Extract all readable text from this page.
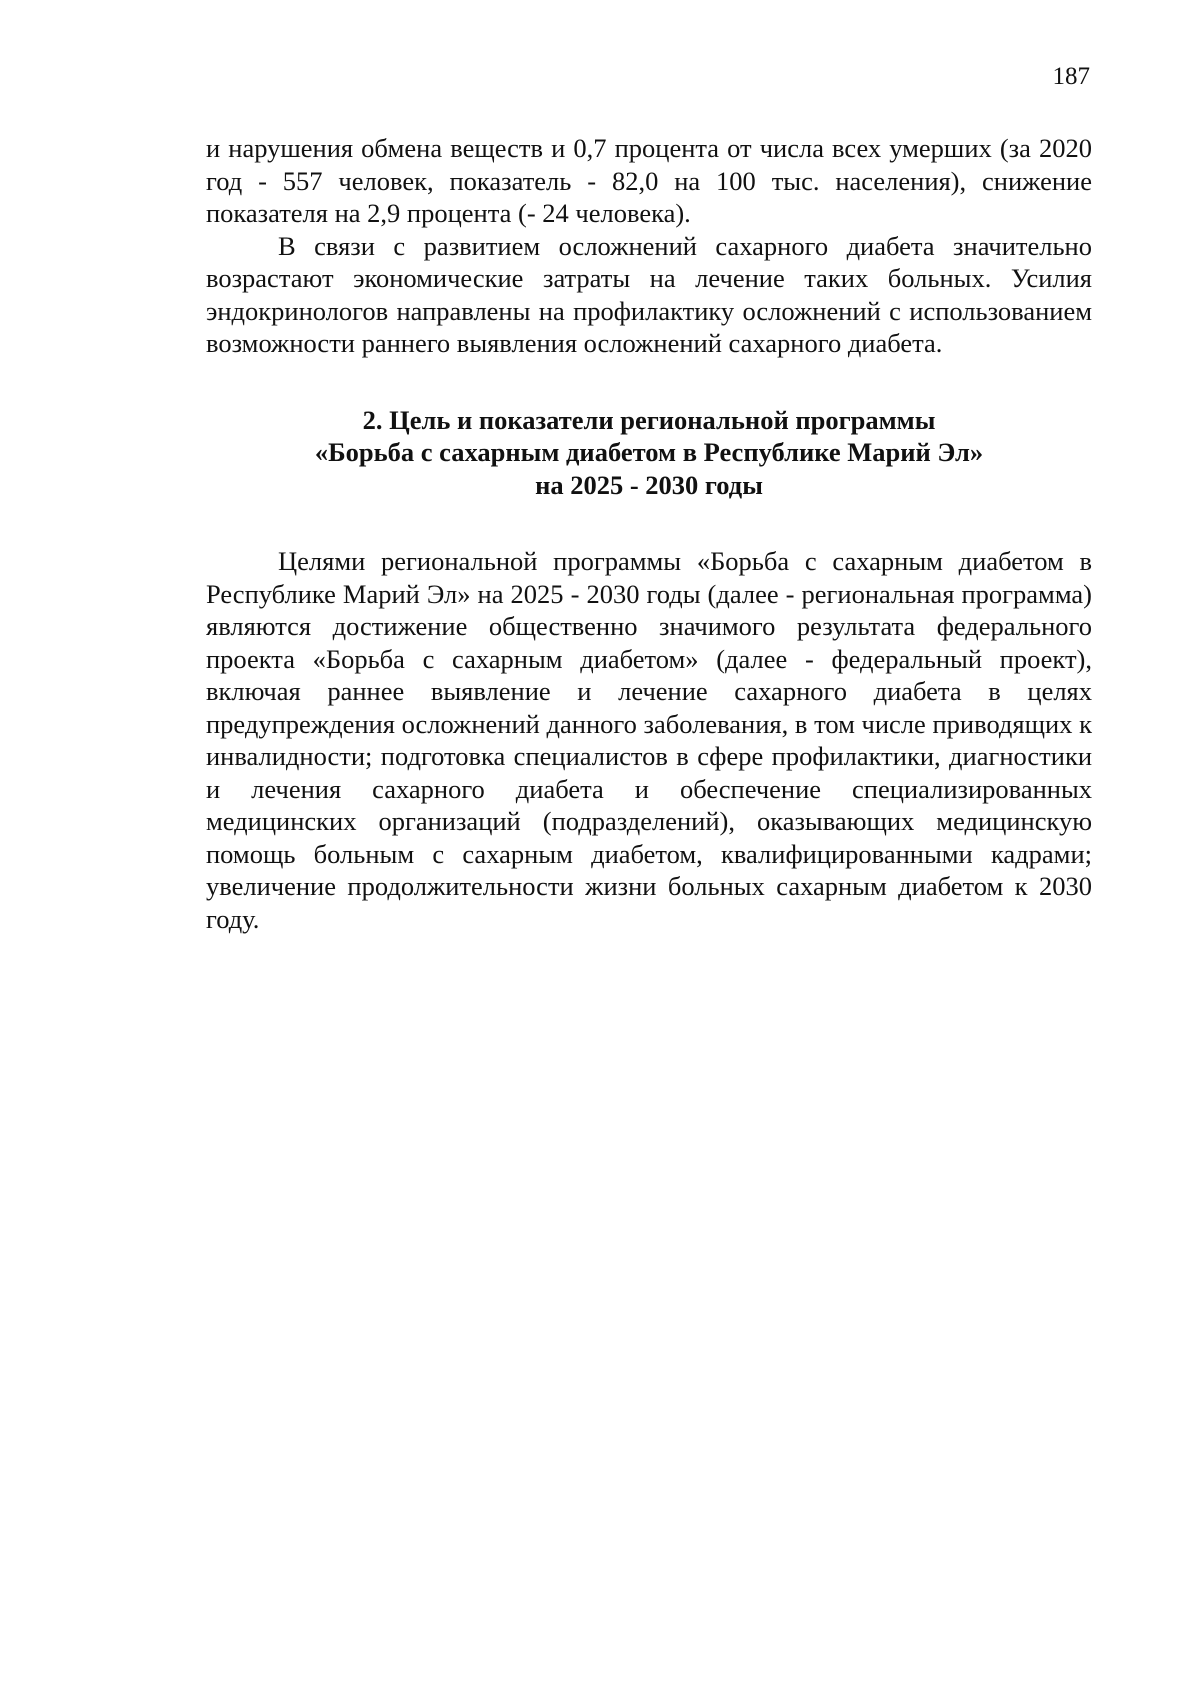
187

и нарушения обмена веществ и 0,7 процента от числа всех умерших (за 2020 год - 557 человек, показатель - 82,0 на 100 тыс. населения), снижение показателя на 2,9 процента (- 24 человека).

В связи с развитием осложнений сахарного диабета значительно возрастают экономические затраты на лечение таких больных. Усилия эндокринологов направлены на профилактику осложнений с использованием возможности раннего выявления осложнений сахарного диабета.

2. Цель и показатели региональной программы
«Борьба с сахарным диабетом в Республике Марий Эл»
на 2025 - 2030 годы

Целями региональной программы «Борьба с сахарным диабетом в Республике Марий Эл» на 2025 - 2030 годы (далее - региональная программа) являются достижение общественно значимого результата федерального проекта «Борьба с сахарным диабетом» (далее - федеральный проект), включая раннее выявление и лечение сахарного диабета в целях предупреждения осложнений данного заболевания, в том числе приводящих к инвалидности; подготовка специалистов в сфере профилактики, диагностики и лечения сахарного диабета и обеспечение специализированных медицинских организаций (подразделений), оказывающих медицинскую помощь больным с сахарным диабетом, квалифицированными кадрами; увеличение продолжительности жизни больных сахарным диабетом к 2030 году.
